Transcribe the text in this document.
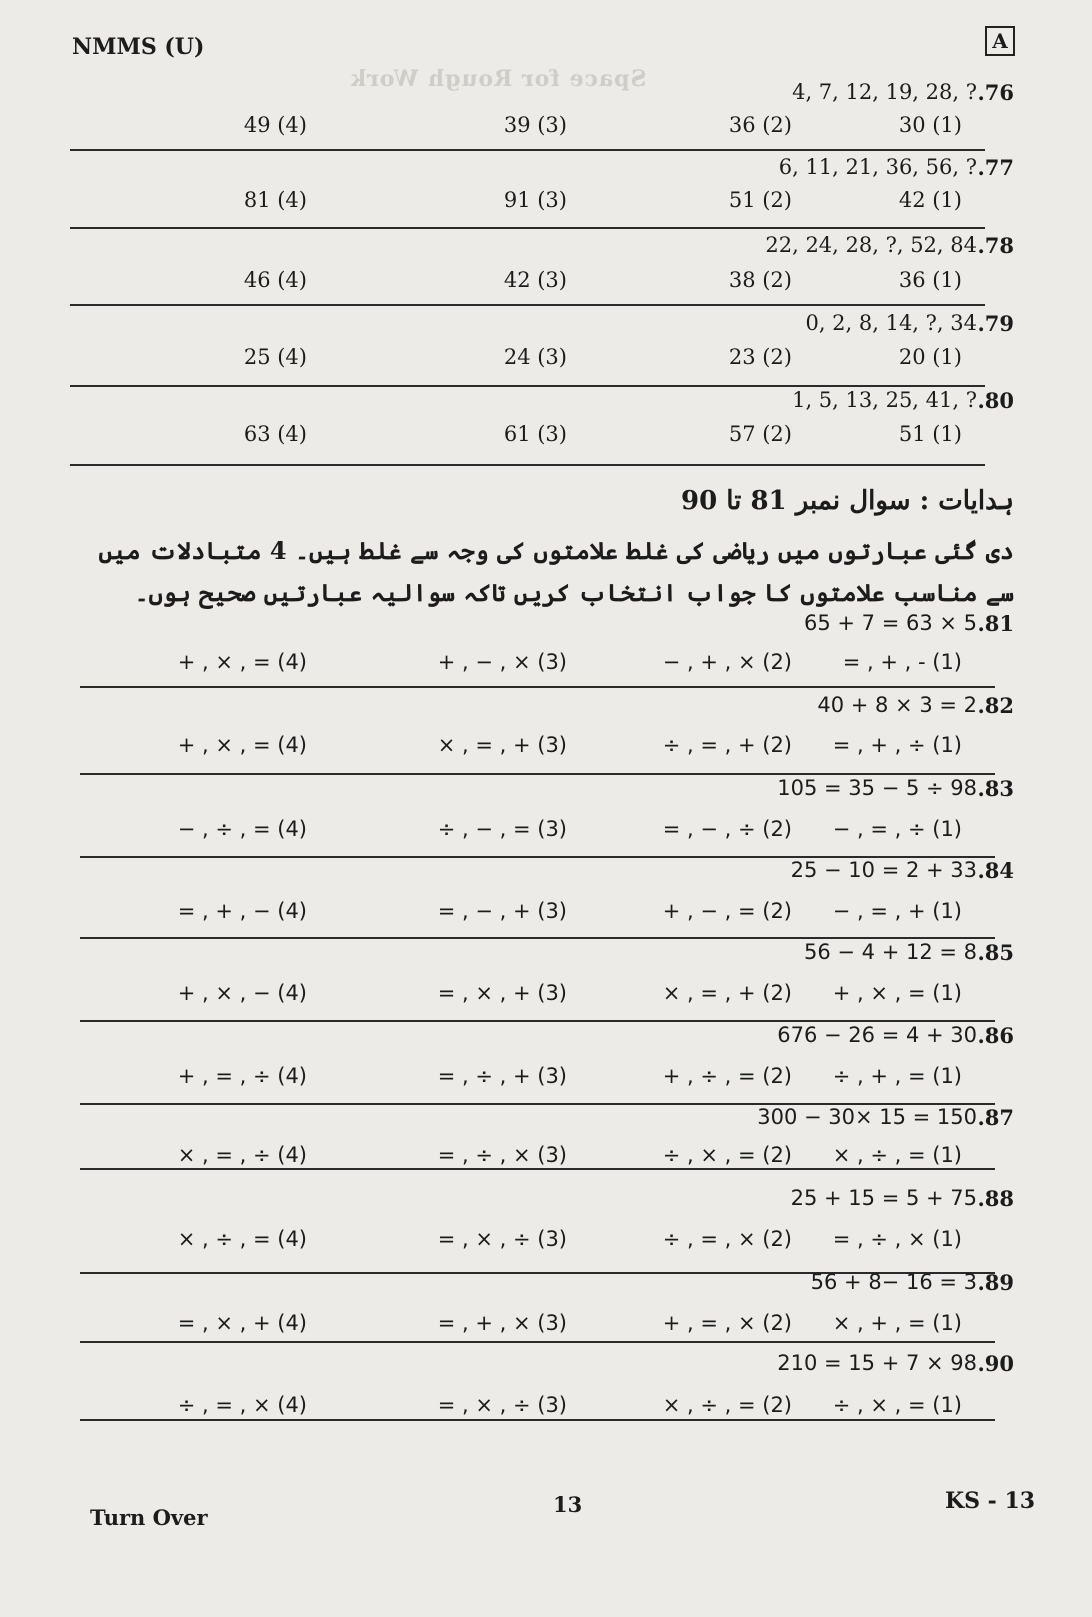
NMMS (U)	A
Space for Rough Work	4, 7, 12, 19, 28, ? .76
30 (1)
36 (2)
39 (3)
49 (4)
6, 11, 21, 36, 56, ? .77
42 (1)
51 (2)
91 (3)
81 (4)
22, 24, 28, ?, 52, 84 .78
36 (1)
38 (2)
42 (3)
46 (4)
0, 2, 8, 14, ?, 34 .79
20 (1)
23 (2)
24 (3)
25 (4)
1, 5, 13, 25, 41, ? .80
51 (1)
57 (2)
61 (3)
63 (4)
ہدایات : سوال نمبر 81 تا 90
دی گئی عبارتوں میں ریاضی کی غلط علامتوں کی وجہ سے غلط ہیں۔ 4 متبادلات میں سے مناسب علامتوں کا جواب انتخاب کریں تاکہ سوالیہ عبارتیں صحیح ہوں۔
65 + 7 = 63 × 5 .81
= , + , - (1)
− , + , × (2)
+ , − , × (3)
+ , × , = (4)
40 + 8 × 3 = 2 .82
= , + , ÷ (1)
÷ , = , + (2)
× , = , + (3)
+ , × , = (4)
105 = 35 − 5 ÷ 98 .83
− , = , ÷ (1)
= , − , ÷ (2)
÷ , − , = (3)
− , ÷ , = (4)
25 − 10 = 2 + 33 .84
− , = , + (1)
+ , − , = (2)
= , − , + (3)
= , + , − (4)
56 − 4 + 12 = 8 .85
+ , × , = (1)
× , = , + (2)
= , × , + (3)
+ , × , − (4)
676 − 26 = 4 + 30 .86
÷ , + , = (1)
+ , ÷ , = (2)
= , ÷ , + (3)
+ , = , ÷ (4)
300 − 30× 15 = 150 .87
× , ÷ , = (1)
÷ , × , = (2)
= , ÷ , × (3)
× , = , ÷ (4)
25 + 15 = 5 + 75 .88
= , ÷ , × (1)
÷ , = , × (2)
= , × , ÷ (3)
× , ÷ , = (4)
56 + 8− 16 = 3 .89
× , + , = (1)
+ , = , × (2)
= , + , × (3)
= , × , + (4)
210 = 15 + 7 × 98 .90
÷ , × , = (1)
× , ÷ , = (2)
= , × , ÷ (3)
÷ , = , × (4)
Turn Over
13	KS - 13
